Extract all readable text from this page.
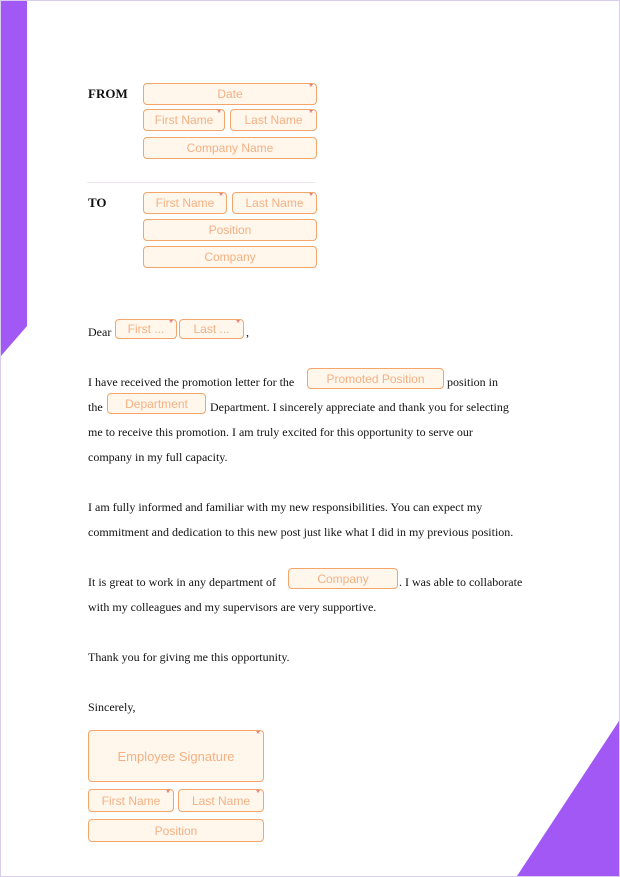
FROM	Date *
First Name *	Last Name *
Company Name
TO	First Name *	Last Name *
Position
Company
Dear	First ... *	Last ... *	,
I have received the promotion letter for the	Promoted Position	position in
the	Department	Department. I sincerely appreciate and thank you for selecting
me to receive this promotion. I am truly excited for this opportunity to serve our
company in my full capacity.
I am fully informed and familiar with my new responsibilities. You can expect my
commitment and dedication to this new post just like what I did in my previous position.
It is great to work in any department of	Company	. I was able to collaborate
with my colleagues and my supervisors are very supportive.
Thank you for giving me this opportunity.
Sincerely,
Employee Signature *
First Name *	Last Name *
Position
